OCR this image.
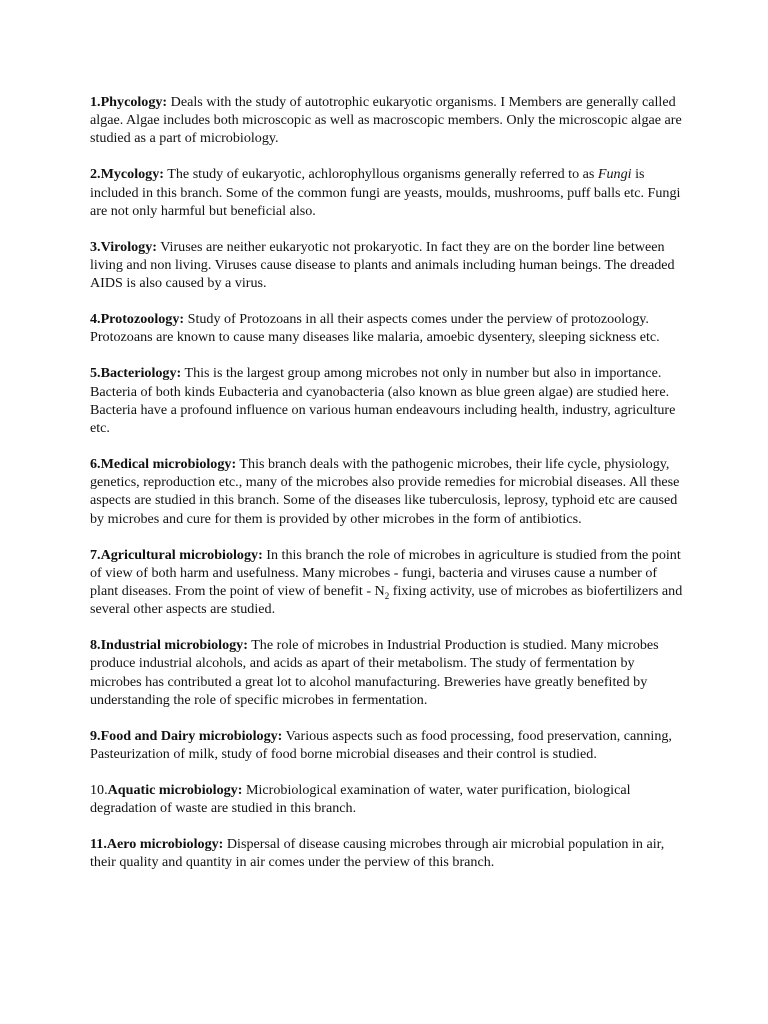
1.Phycology: Deals with the study of autotrophic eukaryotic organisms. I Members are generally called algae. Algae includes both microscopic as well as macroscopic members. Only the microscopic algae are studied as a part of microbiology.

2.Mycology: The study of eukaryotic, achlorophyllous organisms generally referred to as Fungi is included in this branch. Some of the common fungi are yeasts, moulds, mushrooms, puff balls etc. Fungi are not only harmful but beneficial also.

3.Virology: Viruses are neither eukaryotic not prokaryotic. In fact they are on the border line between living and non living. Viruses cause disease to plants and animals including human beings. The dreaded AIDS is also caused by a virus.

4.Protozoology: Study of Protozoans in all their aspects comes under the perview of protozoology. Protozoans are known to cause many diseases like malaria, amoebic dysentery, sleeping sickness etc.

5.Bacteriology: This is the largest group among microbes not only in number but also in importance. Bacteria of both kinds Eubacteria and cyanobacteria (also known as blue green algae) are studied here. Bacteria have a profound influence on various human endeavours including health, industry, agriculture etc.

6.Medical microbiology: This branch deals with the pathogenic microbes, their life cycle, physiology, genetics, reproduction etc., many of the microbes also provide remedies for microbial diseases. All these aspects are studied in this branch. Some of the diseases like tuberculosis, leprosy, typhoid etc are caused by microbes and cure for them is provided by other microbes in the form of antibiotics.

7.Agricultural microbiology: In this branch the role of microbes in agriculture is studied from the point of view of both harm and usefulness. Many microbes - fungi, bacteria and viruses cause a number of plant diseases. From the point of view of benefit - $N_2$ fixing activity, use of microbes as biofertilizers and several other aspects are studied.

8.Industrial microbiology: The role of microbes in Industrial Production is studied. Many microbes produce industrial alcohols, and acids as apart of their metabolism. The study of fermentation by microbes has contributed a great lot to alcohol manufacturing. Breweries have greatly benefited by understanding the role of specific microbes in fermentation.

9.Food and Dairy microbiology: Various aspects such as food processing, food preservation, canning, Pasteurization of milk, study of food borne microbial diseases and their control is studied.

10.Aquatic microbiology: Microbiological examination of water, water purification, biological degradation of waste are studied in this branch.

11.Aero microbiology: Dispersal of disease causing microbes through air microbial population in air, their quality and quantity in air comes under the perview of this branch.
